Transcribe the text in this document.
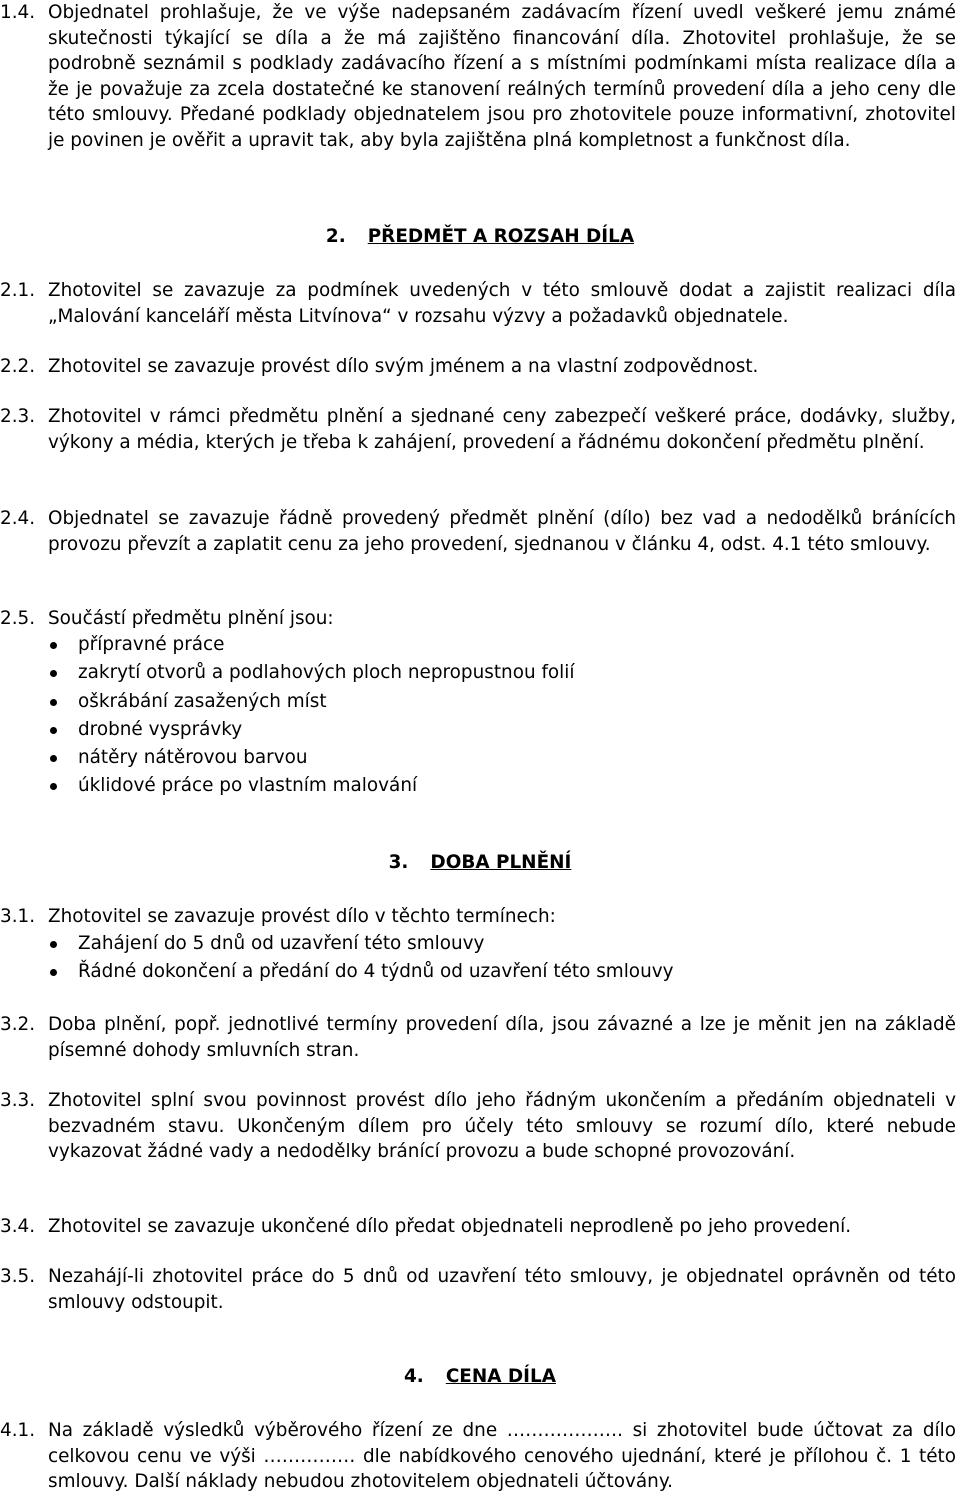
1.4. Objednatel prohlašuje, že ve výše nadepsaném zadávacím řízení uvedl veškeré jemu známé skutečnosti týkající se díla a že má zajištěno financování díla. Zhotovitel prohlašuje, že se podrobně seznámil s podklady zadávacího řízení a s místními podmínkami místa realizace díla a že je považuje za zcela dostatečné ke stanovení reálných termínů provedení díla a jeho ceny dle této smlouvy. Předané podklady objednatelem jsou pro zhotovitele pouze informativní, zhotovitel je povinen je ověřit a upravit tak, aby byla zajištěna plná kompletnost a funkčnost díla.
2. PŘEDMĚT A ROZSAH DÍLA
2.1. Zhotovitel se zavazuje za podmínek uvedených v této smlouvě dodat a zajistit realizaci díla „Malování kanceláří města Litvínova“ v rozsahu výzvy a požadavků objednatele.
2.2. Zhotovitel se zavazuje provést dílo svým jménem a na vlastní zodpovědnost.
2.3. Zhotovitel v rámci předmětu plnění a sjednané ceny zabezpečí veškeré práce, dodávky, služby, výkony a média, kterých je třeba k zahájení, provedení a řádnému dokončení předmětu plnění.
2.4. Objednatel se zavazuje řádně provedený předmět plnění (dílo) bez vad a nedodělků bránících provozu převzít a zaplatit cenu za jeho provedení, sjednanou v článku 4, odst. 4.1 této smlouvy.
2.5. Součástí předmětu plnění jsou:
přípravné práce
zakrytí otvorů a podlahových ploch nepropustnou folií
oškrábání zasažených míst
drobné vysprávky
nátěry nátěrovou barvou
úklidové práce po vlastním malování
3. DOBA PLNĚNÍ
3.1. Zhotovitel se zavazuje provést dílo v těchto termínech:
Zahájení do 5 dnů od uzavření této smlouvy
Řádné dokončení a předání do 4 týdnů od uzavření této smlouvy
3.2. Doba plnění, popř. jednotlivé termíny provedení díla, jsou závazné a lze je měnit jen na základě písemné dohody smluvních stran.
3.3. Zhotovitel splní svou povinnost provést dílo jeho řádným ukončením a předáním objednateli v bezvadném stavu. Ukončeným dílem pro účely této smlouvy se rozumí dílo, které nebude vykazovat žádné vady a nedodělky bránící provozu a bude schopné provozování.
3.4. Zhotovitel se zavazuje ukončené dílo předat objednateli neprodleně po jeho provedení.
3.5. Nezahájí-li zhotovitel práce do 5 dnů od uzavření této smlouvy, je objednatel oprávněn od této smlouvy odstoupit.
4. CENA DÍLA
4.1. Na základě výsledků výběrového řízení ze dne ………………. si zhotovitel bude účtovat za dílo celkovou cenu ve výši …………… dle nabídkového cenového ujednání, které je přílohou č. 1 této smlouvy. Další náklady nebudou zhotovitelem objednateli účtovány.
